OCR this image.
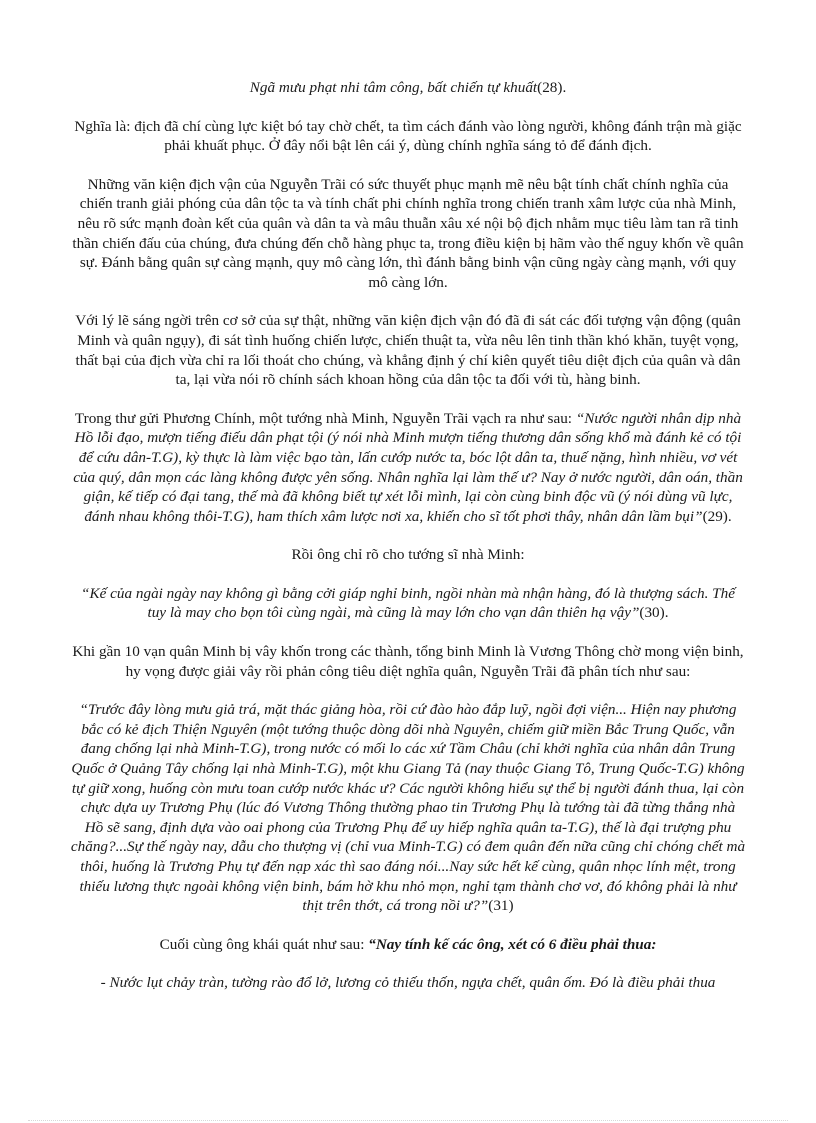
Ngã mưu phạt nhi tâm công, bất chiến tự khuất(28).

Nghĩa là: địch đã chí cùng lực kiệt bó tay chờ chết, ta tìm cách đánh vào lòng người, không đánh trận mà giặc phải khuất phục. Ở đây nổi bật lên cái ý, dùng chính nghĩa sáng tỏ để đánh địch.

Những văn kiện địch vận của Nguyễn Trãi có sức thuyết phục mạnh mẽ nêu bật tính chất chính nghĩa của chiến tranh giải phóng của dân tộc ta và tính chất phi chính nghĩa trong chiến tranh xâm lược của nhà Minh, nêu rõ sức mạnh đoàn kết của quân và dân ta và mâu thuẫn xâu xé nội bộ địch nhằm mục tiêu làm tan rã tinh thần chiến đấu của chúng, đưa chúng đến chỗ hàng phục ta, trong điều kiện bị hãm vào thế nguy khốn về quân sự. Đánh bằng quân sự càng mạnh, quy mô càng lớn, thì đánh bằng binh vận cũng ngày càng mạnh, với quy mô càng lớn.

Với lý lẽ sáng ngời trên cơ sở của sự thật, những văn kiện địch vận đó đã đi sát các đối tượng vận động (quân Minh và quân ngụy), đi sát tình huống chiến lược, chiến thuật ta, vừa nêu lên tinh thần khó khăn, tuyệt vọng, thất bại của địch vừa chỉ ra lối thoát cho chúng, và khẳng định ý chí kiên quyết tiêu diệt địch của quân và dân ta, lại vừa nói rõ chính sách khoan hồng của dân tộc ta đối với tù, hàng binh.

Trong thư gửi Phương Chính, một tướng nhà Minh, Nguyễn Trãi vạch ra như sau: “Nước người nhân dịp nhà Hồ lỗi đạo, mượn tiếng điếu dân phạt tội (ý nói nhà Minh mượn tiếng thương dân sống khổ mà đánh kẻ có tội để cứu dân-T.G), kỳ thực là làm việc bạo tàn, lấn cướp nước ta, bóc lột dân ta, thuế nặng, hình nhiều, vơ vét của quý, dân mọn các làng không được yên sống. Nhân nghĩa lại làm thế ư? Nay ở nước người, dân oán, thần giận, kế tiếp có đại tang, thế mà đã không biết tự xét lỗi mình, lại còn cùng binh độc vũ (ý nói dùng vũ lực, đánh nhau không thôi-T.G), ham thích xâm lược nơi xa, khiến cho sĩ tốt phơi thây, nhân dân lầm bụi”(29).

Rồi ông chỉ rõ cho tướng sĩ nhà Minh:

“Kế của ngài ngày nay không gì bằng cởi giáp nghỉ binh, ngồi nhàn mà nhận hàng, đó là thượng sách. Thế tuy là may cho bọn tôi cùng ngài, mà cũng là may lớn cho vạn dân thiên hạ vậy”(30).

Khi gần 10 vạn quân Minh bị vây khốn trong các thành, tổng binh Minh là Vương Thông chờ mong viện binh, hy vọng được giải vây rồi phản công tiêu diệt nghĩa quân, Nguyễn Trãi đã phân tích như sau:

“Trước đây lòng mưu giả trá, mặt thác giảng hòa, rồi cứ đào hào đắp luỹ, ngồi đợi viện... Hiện nay phương bắc có kẻ địch Thiện Nguyên (một tướng thuộc dòng dõi nhà Nguyên, chiếm giữ miền Bắc Trung Quốc, vẫn đang chống lại nhà Minh-T.G), trong nước có mối lo các xứ Tầm Châu (chỉ khởi nghĩa của nhân dân Trung Quốc ở Quảng Tây chống lại nhà Minh-T.G), một khu Giang Tả (nay thuộc Giang Tô, Trung Quốc-T.G) không tự giữ xong, huống còn mưu toan cướp nước khác ư? Các người không hiểu sự thể bị người đánh thua, lại còn chực dựa uy Trương Phụ (lúc đó Vương Thông thường phao tin Trương Phụ là tướng tài đã từng thắng nhà Hồ sẽ sang, định dựa vào oai phong của Trương Phụ để uy hiếp nghĩa quân ta-T.G), thế là đại trượng phu chăng?...Sự thế ngày nay, dẫu cho thượng vị (chỉ vua Minh-T.G) có đem quân đến nữa cũng chỉ chóng chết mà thôi, huống là Trương Phụ tự đến nạp xác thì sao đáng nói...Nay sức hết kế cùng, quân nhọc lính mệt, trong thiếu lương thực ngoài không viện binh, bám hờ khu nhỏ mọn, nghỉ tạm thành chơ vơ, đó không phải là như thịt trên thớt, cá trong nồi ư?”(31)

Cuối cùng ông khái quát như sau: “Nay tính kế các ông, xét có 6 điều phải thua:

- Nước lụt chảy tràn, tường rào đổ lở, lương cỏ thiếu thốn, ngựa chết, quân ốm. Đó là điều phải thua
